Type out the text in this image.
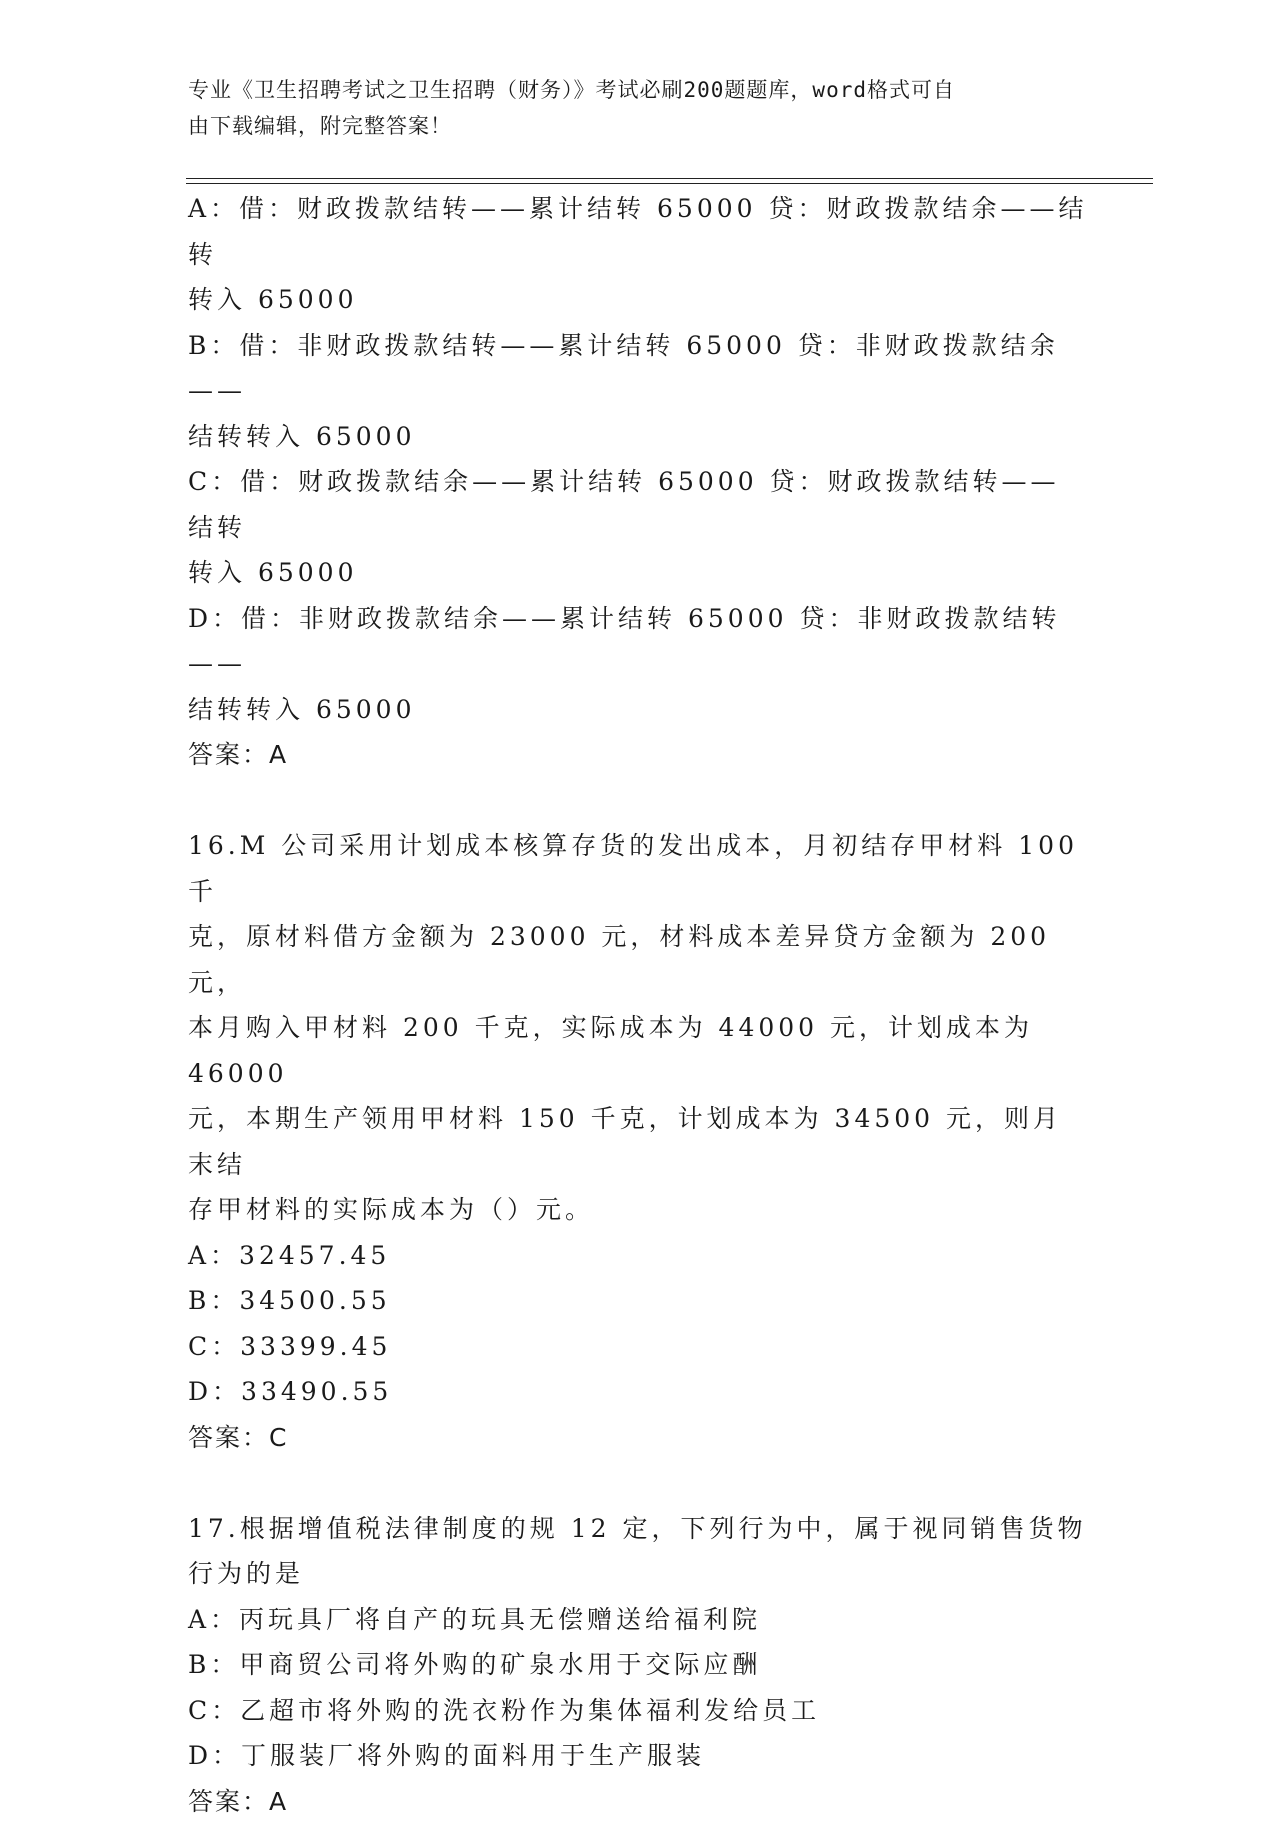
专业《卫生招聘考试之卫生招聘（财务）》考试必刷200题题库，word格式可自
由下载编辑，附完整答案！

A：借：财政拨款结转——累计结转 65000 贷：财政拨款结余——结转

转入 65000

B：借：非财政拨款结转——累计结转 65000 贷：非财政拨款结余——

结转转入 65000

C：借：财政拨款结余——累计结转 65000 贷：财政拨款结转——结转

转入 65000

D：借：非财政拨款结余——累计结转 65000 贷：非财政拨款结转——

结转转入 65000

答案：A

16.M 公司采用计划成本核算存货的发出成本，月初结存甲材料 100 千

克，原材料借方金额为 23000 元，材料成本差异贷方金额为 200 元，

本月购入甲材料 200 千克，实际成本为 44000 元，计划成本为 46000

元，本期生产领用甲材料 150 千克，计划成本为 34500 元，则月末结

存甲材料的实际成本为（）元。

A：32457.45

B：34500.55

C：33399.45

D：33490.55

答案：C

17.根据增值税法律制度的规 12 定，下列行为中，属于视同销售货物

行为的是

A：丙玩具厂将自产的玩具无偿赠送给福利院

B：甲商贸公司将外购的矿泉水用于交际应酬

C：乙超市将外购的洗衣粉作为集体福利发给员工

D：丁服装厂将外购的面料用于生产服装

答案：A
